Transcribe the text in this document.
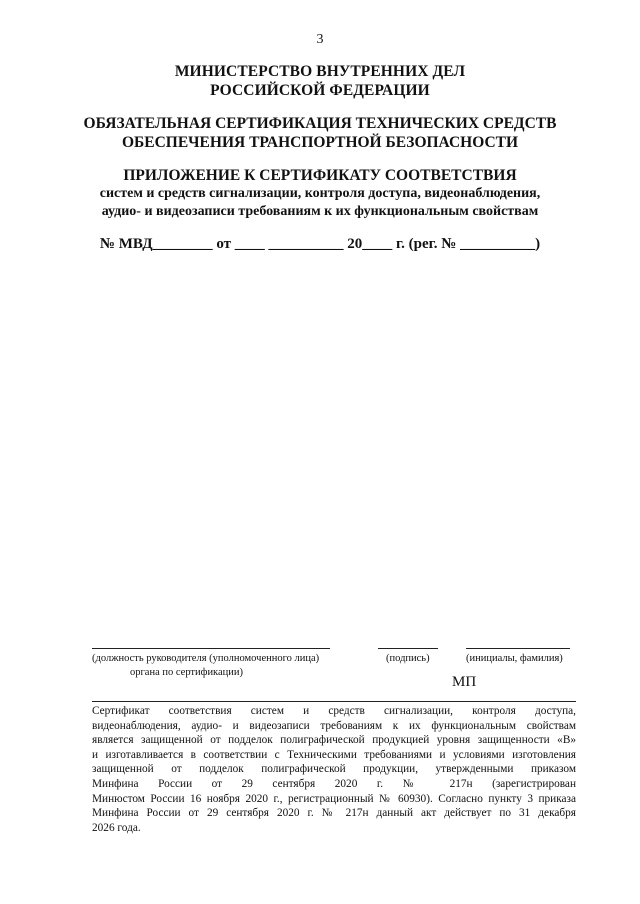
3
МИНИСТЕРСТВО ВНУТРЕННИХ ДЕЛ
РОССИЙСКОЙ ФЕДЕРАЦИИ
ОБЯЗАТЕЛЬНАЯ СЕРТИФИКАЦИЯ ТЕХНИЧЕСКИХ СРЕДСТВ
ОБЕСПЕЧЕНИЯ ТРАНСПОРТНОЙ БЕЗОПАСНОСТИ
ПРИЛОЖЕНИЕ К СЕРТИФИКАТУ СООТВЕТСТВИЯ
систем и средств сигнализации, контроля доступа, видеонаблюдения,
аудио- и видеозаписи требованиям к их функциональным свойствам
№ МВД________ от ____ __________ 20____ г. (рег. № __________)
(должность руководителя (уполномоченного лица)
органа по сертификации)
(подпись)	(инициалы, фамилия)
МП
Сертификат соответствия систем и средств сигнализации, контроля доступа,
видеонаблюдения, аудио- и видеозаписи требованиям к их функциональным свойствам
является защищенной от подделок полиграфической продукцией уровня защищенности «В»
и изготавливается в соответствии с Техническими требованиями и условиями изготовления
защищенной от подделок полиграфической продукции, утвержденными приказом
Минфина России от 29 сентября 2020 г. № 217н (зарегистрирован
Минюстом России 16 ноября 2020 г., регистрационный № 60930). Согласно пункту 3 приказа
Минфина России от 29 сентября 2020 г. № 217н данный акт действует по 31 декабря
2026 года.
